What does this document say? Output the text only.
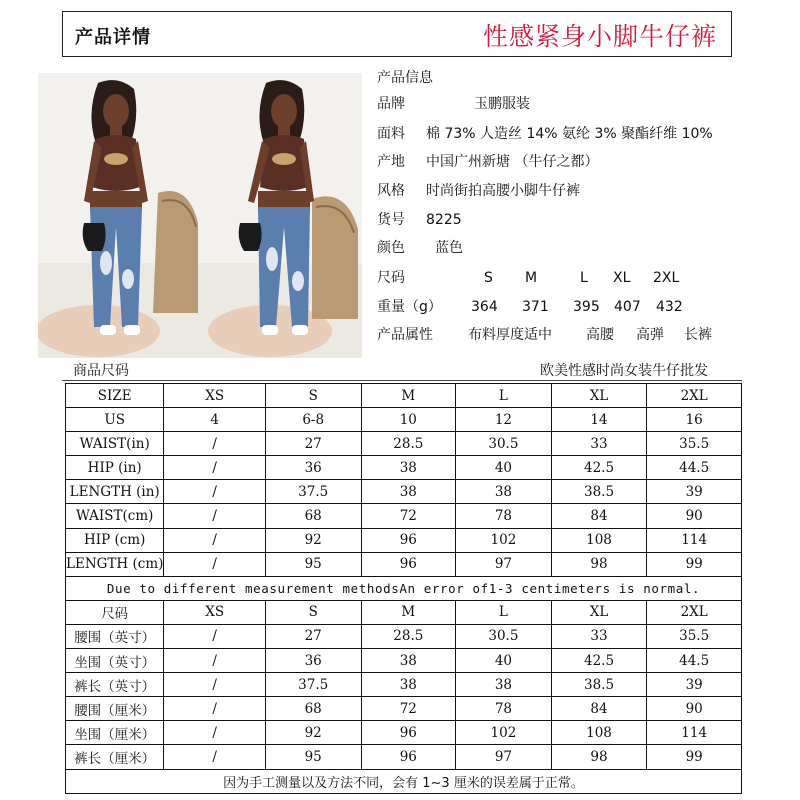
产品详情	性感紧身小脚牛仔裤
产品信息
品牌	玉鹏服装
面料 棉 73% 人造丝 14% 氨纶 3% 聚酯纤维 10%
产地 中国广州新塘 （牛仔之都）
风格 时尚街拍高腰小脚牛仔裤
货号 8225
颜色 蓝色
尺码	S M	L XL 2XL
重量（g） 364 371 395 407 432
产品属性	布料厚度适中 高腰 高弹 长裤
商品尺码	欧美性感时尚女装牛仔批发
SIZE	XS	S	M	L	XL	2XL
US	4	6-8	10	12	14	16
WAIST(in)	/	27	28.5	30.5	33	35.5
HIP (in)	/	36	38	40	42.5	44.5
LENGTH (in)	/	37.5	38	38	38.5	39
WAIST(cm)	/	68	72	78	84	90
HIP (cm)	/	92	96	102	108	114
LENGTH (cm)	/	95	96	97	98	99
Due to different measurement methodsAn error of1-3 centimeters is normal.						
尺码	XS	S	M	L	XL	2XL
腰围（英寸）	/	27	28.5	30.5	33	35.5
坐围（英寸）	/	36	38	40	42.5	44.5
裤长（英寸）	/	37.5	38	38	38.5	39
腰围（厘米）	/	68	72	78	84	90
坐围（厘米）	/	92	96	102	108	114
裤长（厘米）	/	95	96	97	98	99
因为手工测量以及方法不同，会有 1~3 厘米的误差属于正常。						
